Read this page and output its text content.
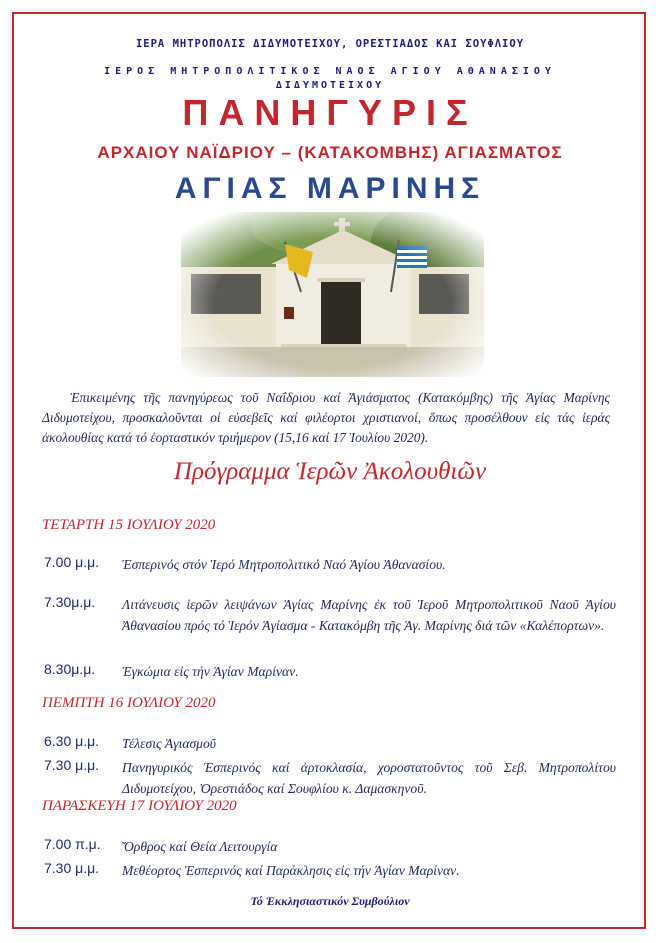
ΙΕΡΑ ΜΗΤΡΟΠΟΛΙΣ ΔΙΔΥΜΟΤΕΙΧΟΥ, ΟΡΕΣΤΙΑΔΟΣ ΚΑΙ ΣΟΥΦΛΙΟΥ
ΙΕΡΟΣ ΜΗΤΡΟΠΟΛΙΤΙΚΟΣ ΝΑΟΣ ΑΓΙΟΥ ΑΘΑΝΑΣΙΟΥ
ΔΙΔΥΜΟΤΕΙΧΟΥ
ΠΑΝΗΓΥΡΙΣ
ΑΡΧΑΙΟΥ ΝΑΪΔΡΙΟΥ – (ΚΑΤΑΚΟΜΒΗΣ) ΑΓΙΑΣΜΑΤΟΣ
ΑΓΙΑΣ ΜΑΡΙΝΗΣ
Ἐπικειμένης τῆς πανηγύρεως τοῦ Ναΐδριου καί Ἁγιάσματος (Κατακόμβης) τῆς Ἁγίας Μαρίνης Διδυμοτείχου, προσκαλοῦνται οἱ εὐσεβεῖς καί φιλέορτοι χριστιανοί, ὅπως προσέλθουν εἰς τάς ἱεράς ἀκολουθίας κατά τό ἑορταστικόν τριήμερον (15,16 καί 17 Ἰουλίου 2020).
Πρόγραμμα Ἱερῶν Ἀκολουθιῶν
ΤΕΤΑΡΤΗ 15 ΙΟΥΛΙΟΥ 2020
7.00 μ.μ. Ἑσπερινός στόν Ἱερό Μητροπολιτικό Ναό Ἁγίου Ἀθανασίου.
7.30μ.μ. Λιτάνευσις ἱερῶν λειψάνων Ἁγίας Μαρίνης ἐκ τοῦ Ἱεροῦ Μητροπολιτικοῦ Ναοῦ Ἁγίου Ἀθανασίου πρός τό Ἱερόν Ἁγίασμα - Κατακόμβη τῆς Ἁγ. Μαρίνης διά τῶν «Καλέπορτων».
8.30μ.μ. Ἐγκώμια εἰς τήν Ἁγίαν Μαρίναν.
ΠΕΜΠΤΗ 16 ΙΟΥΛΙΟΥ 2020
6.30 μ.μ. Τέλεσις Ἁγιασμοῦ
7.30 μ.μ. Πανηγυρικός Ἑσπερινός καί ἀρτοκλασία, χοροστατοῦντος τοῦ Σεβ. Μητροπολίτου Διδυμοτείχου, Ὀρεστιάδος καί Σουφλίου κ. Δαμασκηνοῦ.
ΠΑΡΑΣΚΕΥΗ 17 ΙΟΥΛΙΟΥ 2020
7.00 π.μ. Ὄρθρος καί Θεία Λειτουργία
7.30 μ.μ. Μεθέορτος Ἑσπερινός καί Παράκλησις εἰς τήν Ἁγίαν Μαρίναν.
Τό Ἐκκλησιαστικόν Συμβούλιον
